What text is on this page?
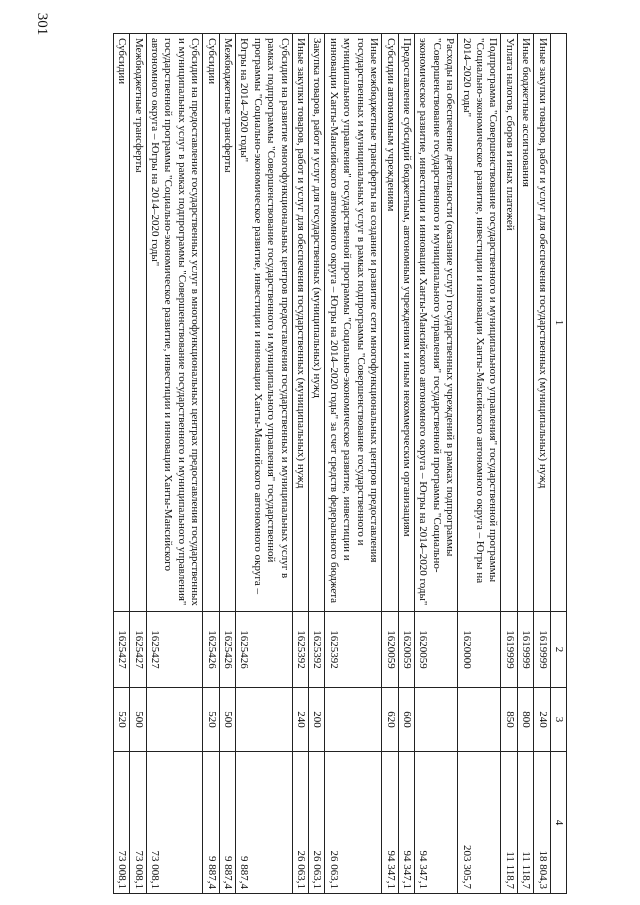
301
1	2	3	4
Иные закупки товаров, работ и услуг для обеспечения государственных (муниципальных) нужд	1619999	240	18 804,3
Иные бюджетные ассигнования	1619999	800	11 118,7
Уплата налогов, сборов и иных платежей	1619999	850	11 118,7
Подпрограмма "Совершенствование государственного и муниципального управления" государственной программы "Социально-экономическое развитие, инвестиции и инновации Ханты-Мансийского автономного округа – Югры на 2014–2020 годы"	1620000		203 305,7
Расходы на обеспечение деятельности (оказание услуг) государственных учреждений в рамках подпрограммы "Совершенствование государственного и муниципального управления" государственной программы "Социально-экономическое развитие, инвестиции и инновации Ханты-Мансийского автономного округа – Югры на 2014–2020 годы"	1620059		94 347,1
Предоставление субсидий бюджетным, автономным учреждениям и иным некоммерческим организациям	1620059	600	94 347,1
Субсидии автономным учреждениям	1620059	620	94 347,1
Иные межбюджетные трансферты на создание и развитие сети многофункциональных центров предоставления государственных и муниципальных услуг в рамках подпрограммы "Совершенствование государственного и муниципального управления" государственной программы "Социально-экономическое развитие, инвестиции и инновации Ханты-Мансийского автономного округа – Югры на 2014–2020 годы" за счет средств федерального бюджета	1625392		26 063,1
Закупка товаров, работ и услуг для государственных (муниципальных) нужд	1625392	200	26 063,1
Иные закупки товаров, работ и услуг для обеспечения государственных (муниципальных) нужд	1625392	240	26 063,1
Субсидии на развитие многофункциональных центров предоставления государственных и муниципальных услуг в рамках подпрограммы "Совершенствование государственного и муниципального управления" государственной программы "Социально-экономическое развитие, инвестиции и инновации Ханты-Мансийского автономного округа – Югры на 2014–2020 годы"	1625426		9 887,4
Межбюджетные трансферты	1625426	500	9 887,4
Субсидии	1625426	520	9 887,4
Субсидии на предоставление государственных услуг в многофункциональных центрах предоставления государственных и муниципальных услуг в рамках подпрограммы "Совершенствование государственного и муниципального управления" государственной программы "Социально-экономическое развитие, инвестиции и инновации Ханты-Мансийского автономного округа – Югры на 2014–2020 годы"	1625427		73 008,1
Межбюджетные трансферты	1625427	500	73 008,1
Субсидии	1625427	520	73 008,1
